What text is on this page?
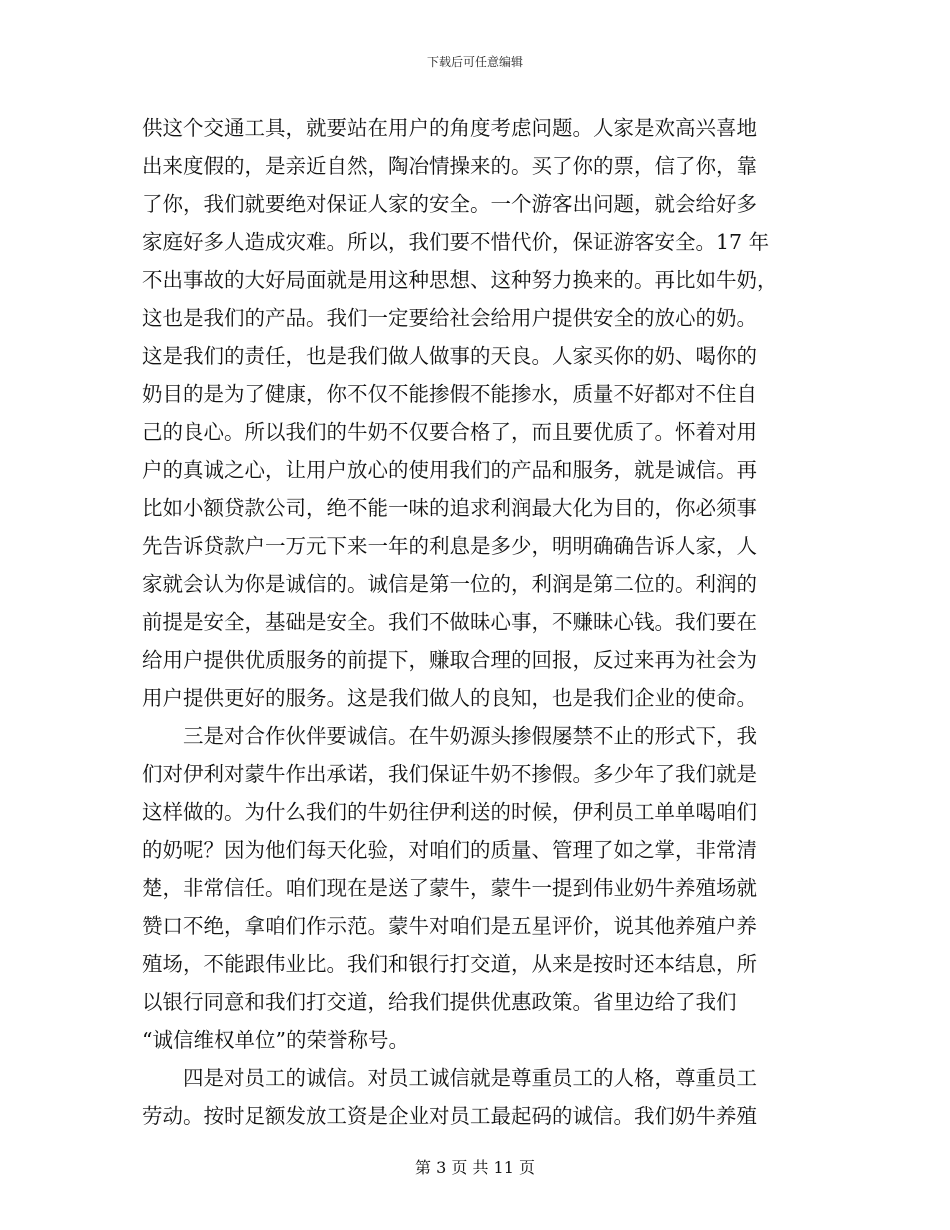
下载后可任意编辑
供这个交通工具，就要站在用户的角度考虑问题。人家是欢高兴喜地
出来度假的，是亲近自然，陶冶情操来的。买了你的票，信了你，靠
了你，我们就要绝对保证人家的安全。一个游客出问题，就会给好多
家庭好多人造成灾难。所以，我们要不惜代价，保证游客安全。17 年
不出事故的大好局面就是用这种思想、这种努力换来的。再比如牛奶，
这也是我们的产品。我们一定要给社会给用户提供安全的放心的奶。
这是我们的责任，也是我们做人做事的天良。人家买你的奶、喝你的
奶目的是为了健康，你不仅不能掺假不能掺水，质量不好都对不住自
己的良心。所以我们的牛奶不仅要合格了，而且要优质了。怀着对用
户的真诚之心，让用户放心的使用我们的产品和服务，就是诚信。再
比如小额贷款公司，绝不能一味的追求利润最大化为目的，你必须事
先告诉贷款户一万元下来一年的利息是多少，明明确确告诉人家，人
家就会认为你是诚信的。诚信是第一位的，利润是第二位的。利润的
前提是安全，基础是安全。我们不做昧心事，不赚昧心钱。我们要在
给用户提供优质服务的前提下，赚取合理的回报，反过来再为社会为
用户提供更好的服务。这是我们做人的良知，也是我们企业的使命。
　　三是对合作伙伴要诚信。在牛奶源头掺假屡禁不止的形式下，我
们对伊利对蒙牛作出承诺，我们保证牛奶不掺假。多少年了我们就是
这样做的。为什么我们的牛奶往伊利送的时候，伊利员工单单喝咱们
的奶呢？因为他们每天化验，对咱们的质量、管理了如之掌，非常清
楚，非常信任。咱们现在是送了蒙牛，蒙牛一提到伟业奶牛养殖场就
赞口不绝，拿咱们作示范。蒙牛对咱们是五星评价，说其他养殖户养
殖场，不能跟伟业比。我们和银行打交道，从来是按时还本结息，所
以银行同意和我们打交道，给我们提供优惠政策。省里边给了我们
“诚信维权单位”的荣誉称号。
　　四是对员工的诚信。对员工诚信就是尊重员工的人格，尊重员工
劳动。按时足额发放工资是企业对员工最起码的诚信。我们奶牛养殖
第 3 页 共 11 页
